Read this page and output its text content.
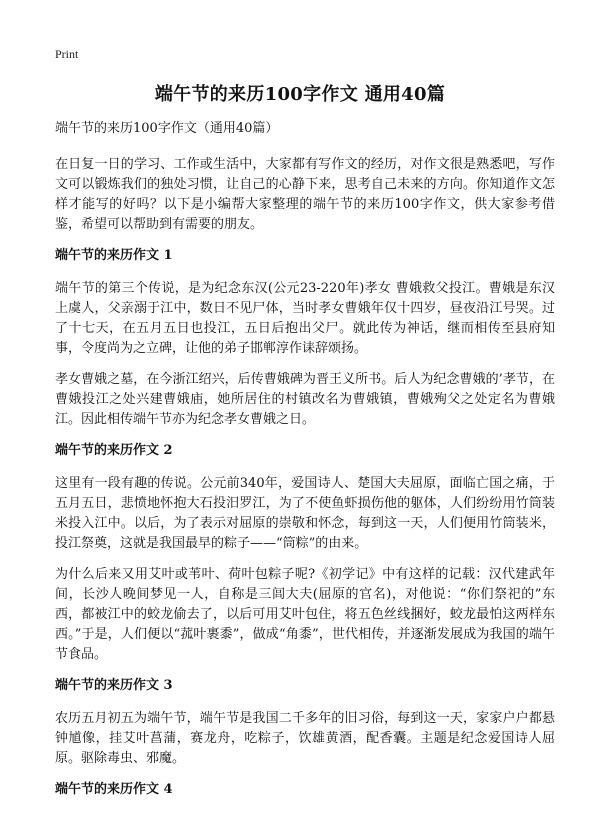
Print
端午节的来历100字作文 通用40篇

端午节的来历100字作文（通用40篇）

在日复一日的学习、工作或生活中，大家都有写作文的经历，对作文很是熟悉吧，写作文可以锻炼我们的独处习惯，让自己的心静下来，思考自己未来的方向。你知道作文怎样才能写的好吗？以下是小编帮大家整理的端午节的来历100字作文，供大家参考借鉴，希望可以帮助到有需要的朋友。

端午节的来历作文 1

端午节的第三个传说，是为纪念东汉(公元23-220年)孝女 曹娥救父投江。曹娥是东汉上虞人，父亲溺于江中，数日不见尸体，当时孝女曹娥年仅十四岁，昼夜沿江号哭。过了十七天，在五月五日也投江，五日后抱出父尸。就此传为神话，继而相传至县府知事，令度尚为之立碑，让他的弟子邯郸淳作诔辞颂扬。

孝女曹娥之墓，在今浙江绍兴，后传曹娥碑为晋王义所书。后人为纪念曹娥的’孝节，在曹娥投江之处兴建曹娥庙，她所居住的村镇改名为曹娥镇，曹娥殉父之处定名为曹娥江。因此相传端午节亦为纪念孝女曹娥之日。

端午节的来历作文 2

这里有一段有趣的传说。公元前340年，爱国诗人、楚国大夫屈原，面临亡国之痛，于五月五日，悲愤地怀抱大石投汨罗江，为了不使鱼虾损伤他的躯体，人们纷纷用竹筒装米投入江中。以后，为了表示对屈原的崇敬和怀念，每到这一天，人们便用竹筒装米，投江祭奠，这就是我国最早的粽子——“筒粽”的由来。

为什么后来又用艾叶或苇叶、荷叶包粽子呢?《初学记》中有这样的记载：汉代建武年间，长沙人晚间梦见一人，自称是三闾大夫(屈原的官名)，对他说：“你们祭祀的”东西，都被江中的蛟龙偷去了，以后可用艾叶包住，将五色丝线捆好，蛟龙最怕这两样东西。”于是，人们便以“菰叶裹黍”，做成“角黍”，世代相传，并逐渐发展成为我国的端午节食品。

端午节的来历作文 3

农历五月初五为端午节，端午节是我国二千多年的旧习俗，每到这一天，家家户户都悬钟馗像，挂艾叶菖蒲，赛龙舟，吃粽子，饮雄黄酒，配香囊。主题是纪念爱国诗人屈原。驱除毒虫、邪魔。

端午节的来历作文 4
